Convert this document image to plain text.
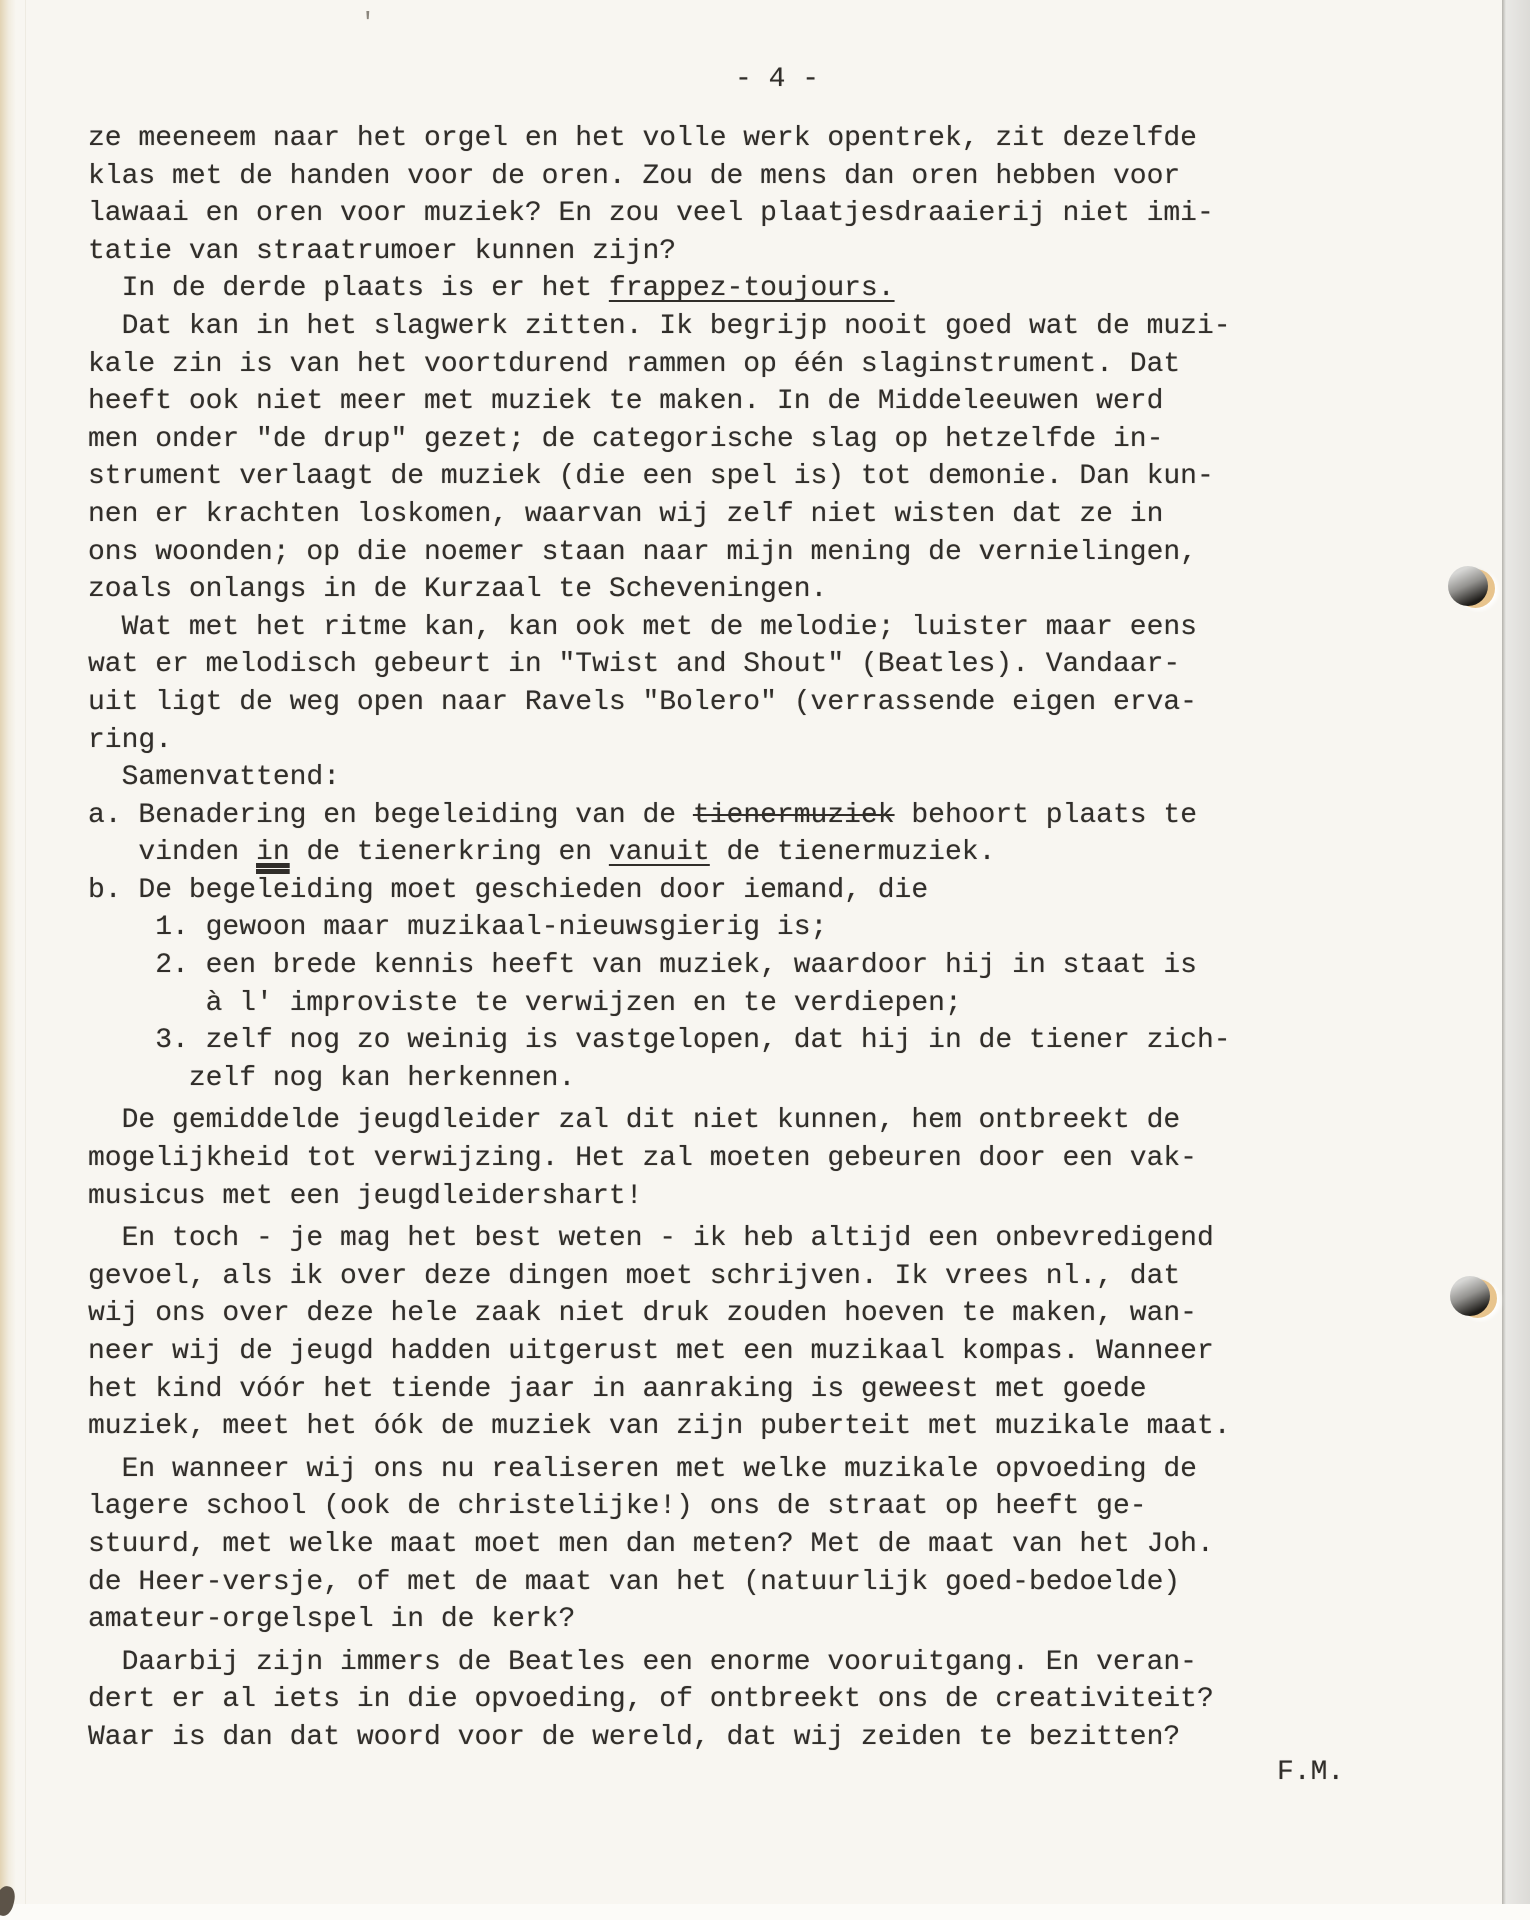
'
- 4 -
ze meeneem naar het orgel en het volle werk opentrek, zit dezelfde
klas met de handen voor de oren. Zou de mens dan oren hebben voor
lawaai en oren voor muziek? En zou veel plaatjesdraaierij niet imi-
tatie van straatrumoer kunnen zijn?
In de derde plaats is er het frappez-toujours.
Dat kan in het slagwerk zitten. Ik begrijp nooit goed wat de muzi-
kale zin is van het voortdurend rammen op één slaginstrument. Dat
heeft ook niet meer met muziek te maken. In de Middeleeuwen werd
men onder "de drup" gezet; de categorische slag op hetzelfde in-
strument verlaagt de muziek (die een spel is) tot demonie. Dan kun-
nen er krachten loskomen, waarvan wij zelf niet wisten dat ze in
ons woonden; op die noemer staan naar mijn mening de vernielingen,
zoals onlangs in de Kurzaal te Scheveningen.
Wat met het ritme kan, kan ook met de melodie; luister maar eens
wat er melodisch gebeurt in "Twist and Shout" (Beatles). Vandaar-
uit ligt de weg open naar Ravels "Bolero" (verrassende eigen erva-
ring.
Samenvattend:
a. Benadering en begeleiding van de tienermuziek behoort plaats te
vinden in de tienerkring en vanuit de tienermuziek.
b. De begeleiding moet geschieden door iemand, die
1. gewoon maar muzikaal-nieuwsgierig is;
2. een brede kennis heeft van muziek, waardoor hij in staat is
à l' improviste te verwijzen en te verdiepen;
3. zelf nog zo weinig is vastgelopen, dat hij in de tiener zich-
zelf nog kan herkennen.
De gemiddelde jeugdleider zal dit niet kunnen, hem ontbreekt de
mogelijkheid tot verwijzing. Het zal moeten gebeuren door een vak-
musicus met een jeugdleidershart!
En toch - je mag het best weten - ik heb altijd een onbevredigend
gevoel, als ik over deze dingen moet schrijven. Ik vrees nl., dat
wij ons over deze hele zaak niet druk zouden hoeven te maken, wan-
neer wij de jeugd hadden uitgerust met een muzikaal kompas. Wanneer
het kind vóór het tiende jaar in aanraking is geweest met goede
muziek, meet het óók de muziek van zijn puberteit met muzikale maat.
En wanneer wij ons nu realiseren met welke muzikale opvoeding de
lagere school (ook de christelijke!) ons de straat op heeft ge-
stuurd, met welke maat moet men dan meten? Met de maat van het Joh.
de Heer-versje, of met de maat van het (natuurlijk goed-bedoelde)
amateur-orgelspel in de kerk?
Daarbij zijn immers de Beatles een enorme vooruitgang. En veran-
dert er al iets in die opvoeding, of ontbreekt ons de creativiteit?
Waar is dan dat woord voor de wereld, dat wij zeiden te bezitten?
F.M.
